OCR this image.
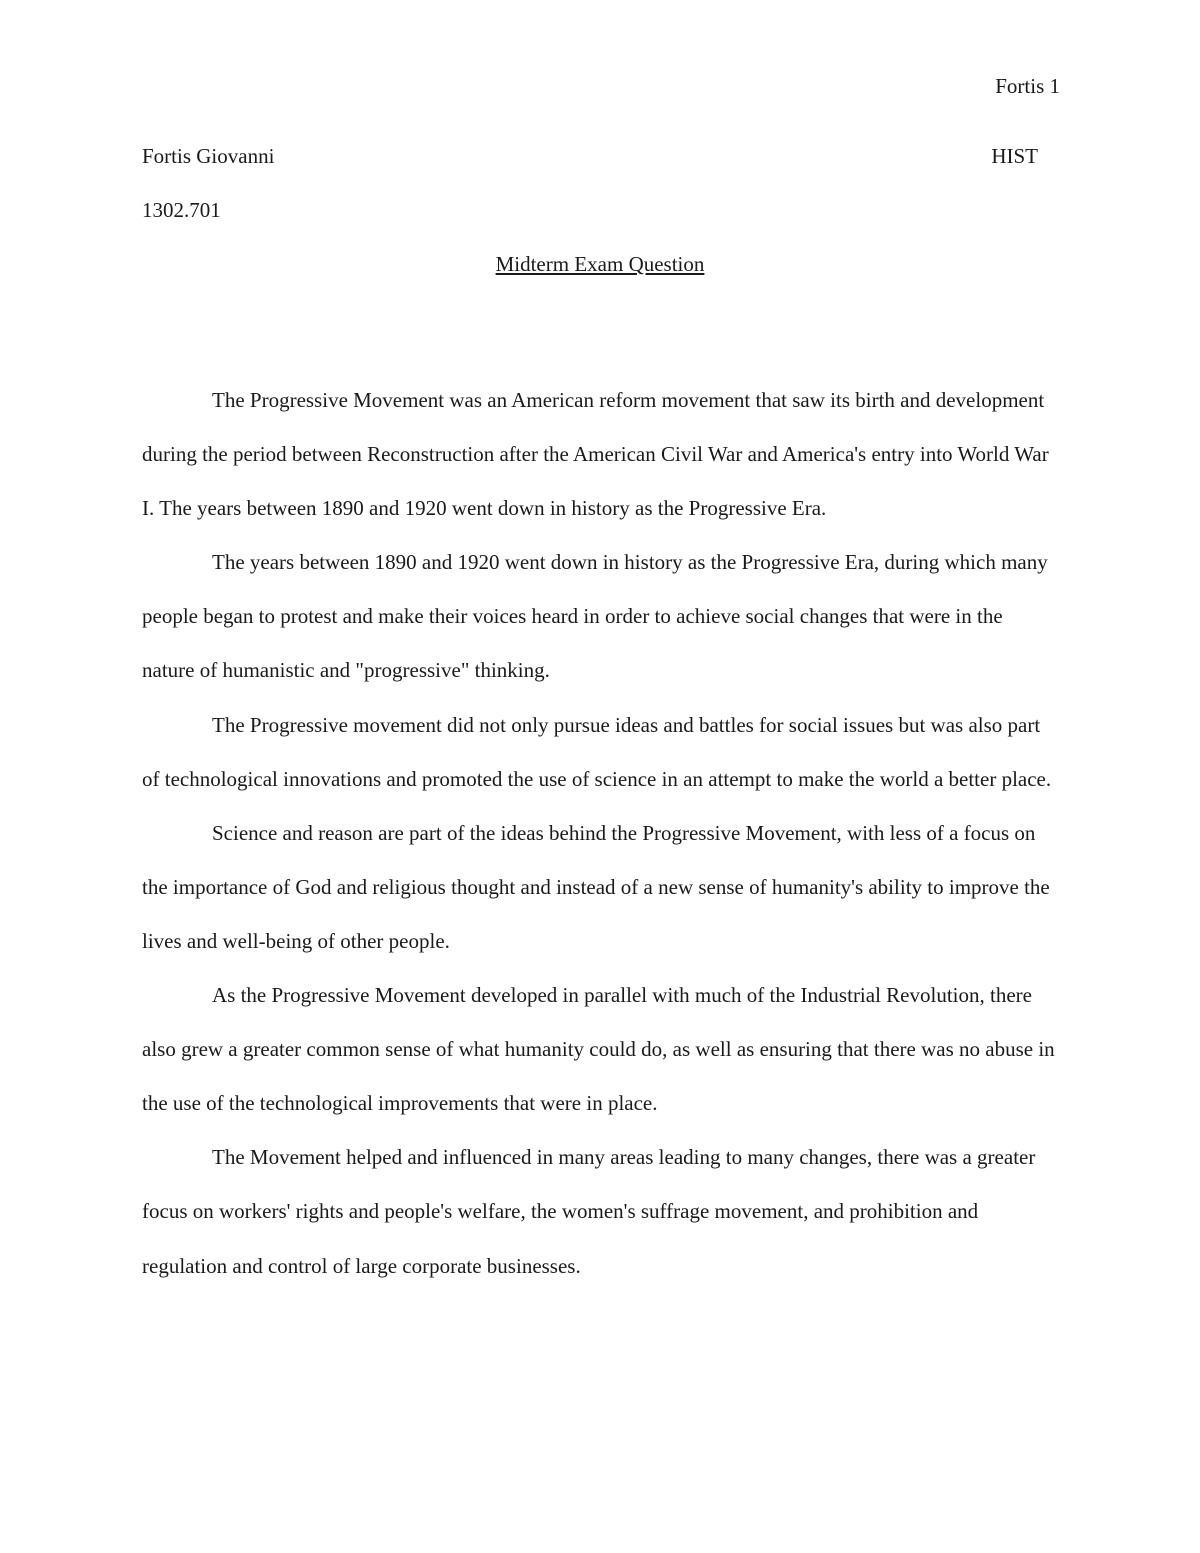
Fortis 1
Fortis Giovanni	HIST
1302.701
Midterm Exam Question

The Progressive Movement was an American reform movement that saw its birth and development during the period between Reconstruction after the American Civil War and America's entry into World War I. The years between 1890 and 1920 went down in history as the Progressive Era.

The years between 1890 and 1920 went down in history as the Progressive Era, during which many people began to protest and make their voices heard in order to achieve social changes that were in the nature of humanistic and "progressive" thinking.

The Progressive movement did not only pursue ideas and battles for social issues but was also part of technological innovations and promoted the use of science in an attempt to make the world a better place.

Science and reason are part of the ideas behind the Progressive Movement, with less of a focus on the importance of God and religious thought and instead of a new sense of humanity's ability to improve the lives and well-being of other people.

As the Progressive Movement developed in parallel with much of the Industrial Revolution, there also grew a greater common sense of what humanity could do, as well as ensuring that there was no abuse in the use of the technological improvements that were in place.

The Movement helped and influenced in many areas leading to many changes, there was a greater focus on workers' rights and people's welfare, the women's suffrage movement, and prohibition and regulation and control of large corporate businesses.
